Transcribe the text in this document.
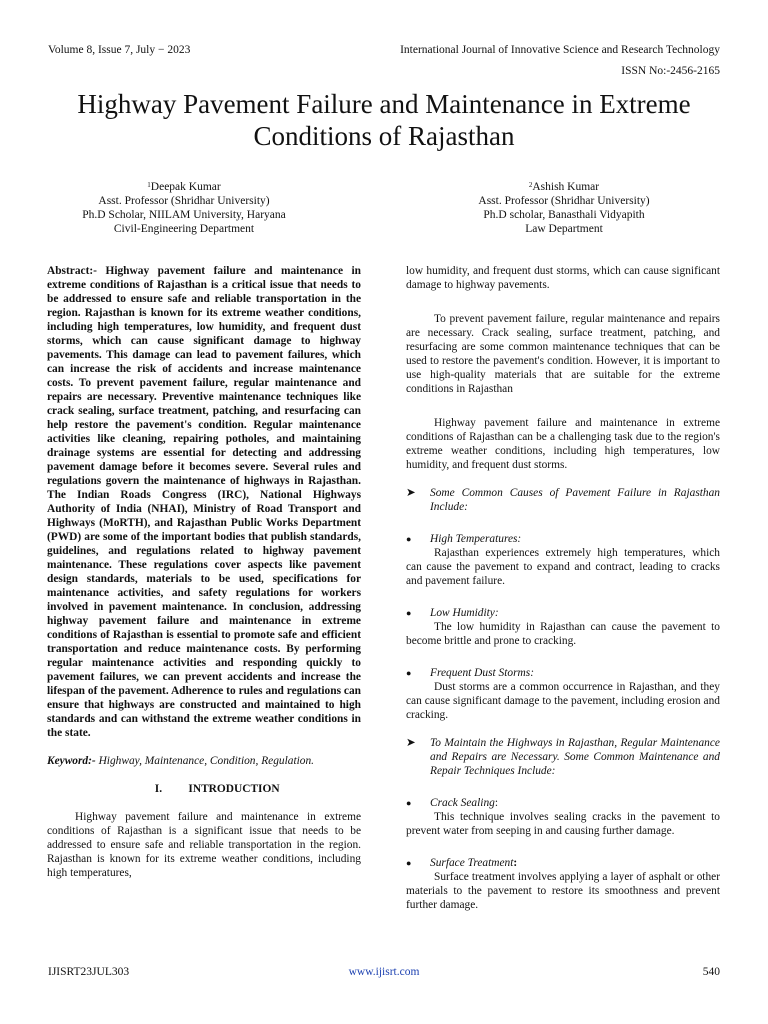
Volume 8, Issue 7, July − 2023	International Journal of Innovative Science and Research Technology
ISSN No:-2456-2165
Highway Pavement Failure and Maintenance in Extreme Conditions of Rajasthan
$^1$Deepak Kumar
Asst. Professor (Shridhar University)
Ph.D Scholar, NIILAM University, Haryana
Civil-Engineering Department
$^2$Ashish Kumar
Asst. Professor (Shridhar University)
Ph.D scholar, Banasthali Vidyapith
Law Department

Abstract:- Highway pavement failure and maintenance in extreme conditions of Rajasthan is a critical issue that needs to be addressed to ensure safe and reliable transportation in the region. Rajasthan is known for its extreme weather conditions, including high temperatures, low humidity, and frequent dust storms, which can cause significant damage to highway pavements. This damage can lead to pavement failures, which can increase the risk of accidents and increase maintenance costs. To prevent pavement failure, regular maintenance and repairs are necessary. Preventive maintenance techniques like crack sealing, surface treatment, patching, and resurfacing can help restore the pavement's condition. Regular maintenance activities like cleaning, repairing potholes, and maintaining drainage systems are essential for detecting and addressing pavement damage before it becomes severe. Several rules and regulations govern the maintenance of highways in Rajasthan. The Indian Roads Congress (IRC), National Highways Authority of India (NHAI), Ministry of Road Transport and Highways (MoRTH), and Rajasthan Public Works Department (PWD) are some of the important bodies that publish standards, guidelines, and regulations related to highway pavement maintenance. These regulations cover aspects like pavement design standards, materials to be used, specifications for maintenance activities, and safety regulations for workers involved in pavement maintenance. In conclusion, addressing highway pavement failure and maintenance in extreme conditions of Rajasthan is essential to promote safe and efficient transportation and reduce maintenance costs. By performing regular maintenance activities and responding quickly to pavement failures, we can prevent accidents and increase the lifespan of the pavement. Adherence to rules and regulations can ensure that highways are constructed and maintained to high standards and can withstand the extreme weather conditions in the state.

Keyword:- Highway, Maintenance, Condition, Regulation.

I. INTRODUCTION

Highway pavement failure and maintenance in extreme conditions of Rajasthan is a significant issue that needs to be addressed to ensure safe and reliable transportation in the region. Rajasthan is known for its extreme weather conditions, including high temperatures,

low humidity, and frequent dust storms, which can cause significant damage to highway pavements.

To prevent pavement failure, regular maintenance and repairs are necessary. Crack sealing, surface treatment, patching, and resurfacing are some common maintenance techniques that can be used to restore the pavement's condition. However, it is important to use high-quality materials that are suitable for the extreme conditions in Rajasthan

Highway pavement failure and maintenance in extreme conditions of Rajasthan can be a challenging task due to the region's extreme weather conditions, including high temperatures, low humidity, and frequent dust storms.

➤	Some Common Causes of Pavement Failure in Rajasthan Include:
●	High Temperatures:

Rajasthan experiences extremely high temperatures, which can cause the pavement to expand and contract, leading to cracks and pavement failure.

●	Low Humidity:

The low humidity in Rajasthan can cause the pavement to become brittle and prone to cracking.

●	Frequent Dust Storms:

Dust storms are a common occurrence in Rajasthan, and they can cause significant damage to the pavement, including erosion and cracking.

➤	To Maintain the Highways in Rajasthan, Regular Maintenance and Repairs are Necessary. Some Common Maintenance and Repair Techniques Include:
●	Crack Sealing:

This technique involves sealing cracks in the pavement to prevent water from seeping in and causing further damage.

●	Surface Treatment:

Surface treatment involves applying a layer of asphalt or other materials to the pavement to restore its smoothness and prevent further damage.

IJISRT23JUL303	www.ijisrt.com	540
